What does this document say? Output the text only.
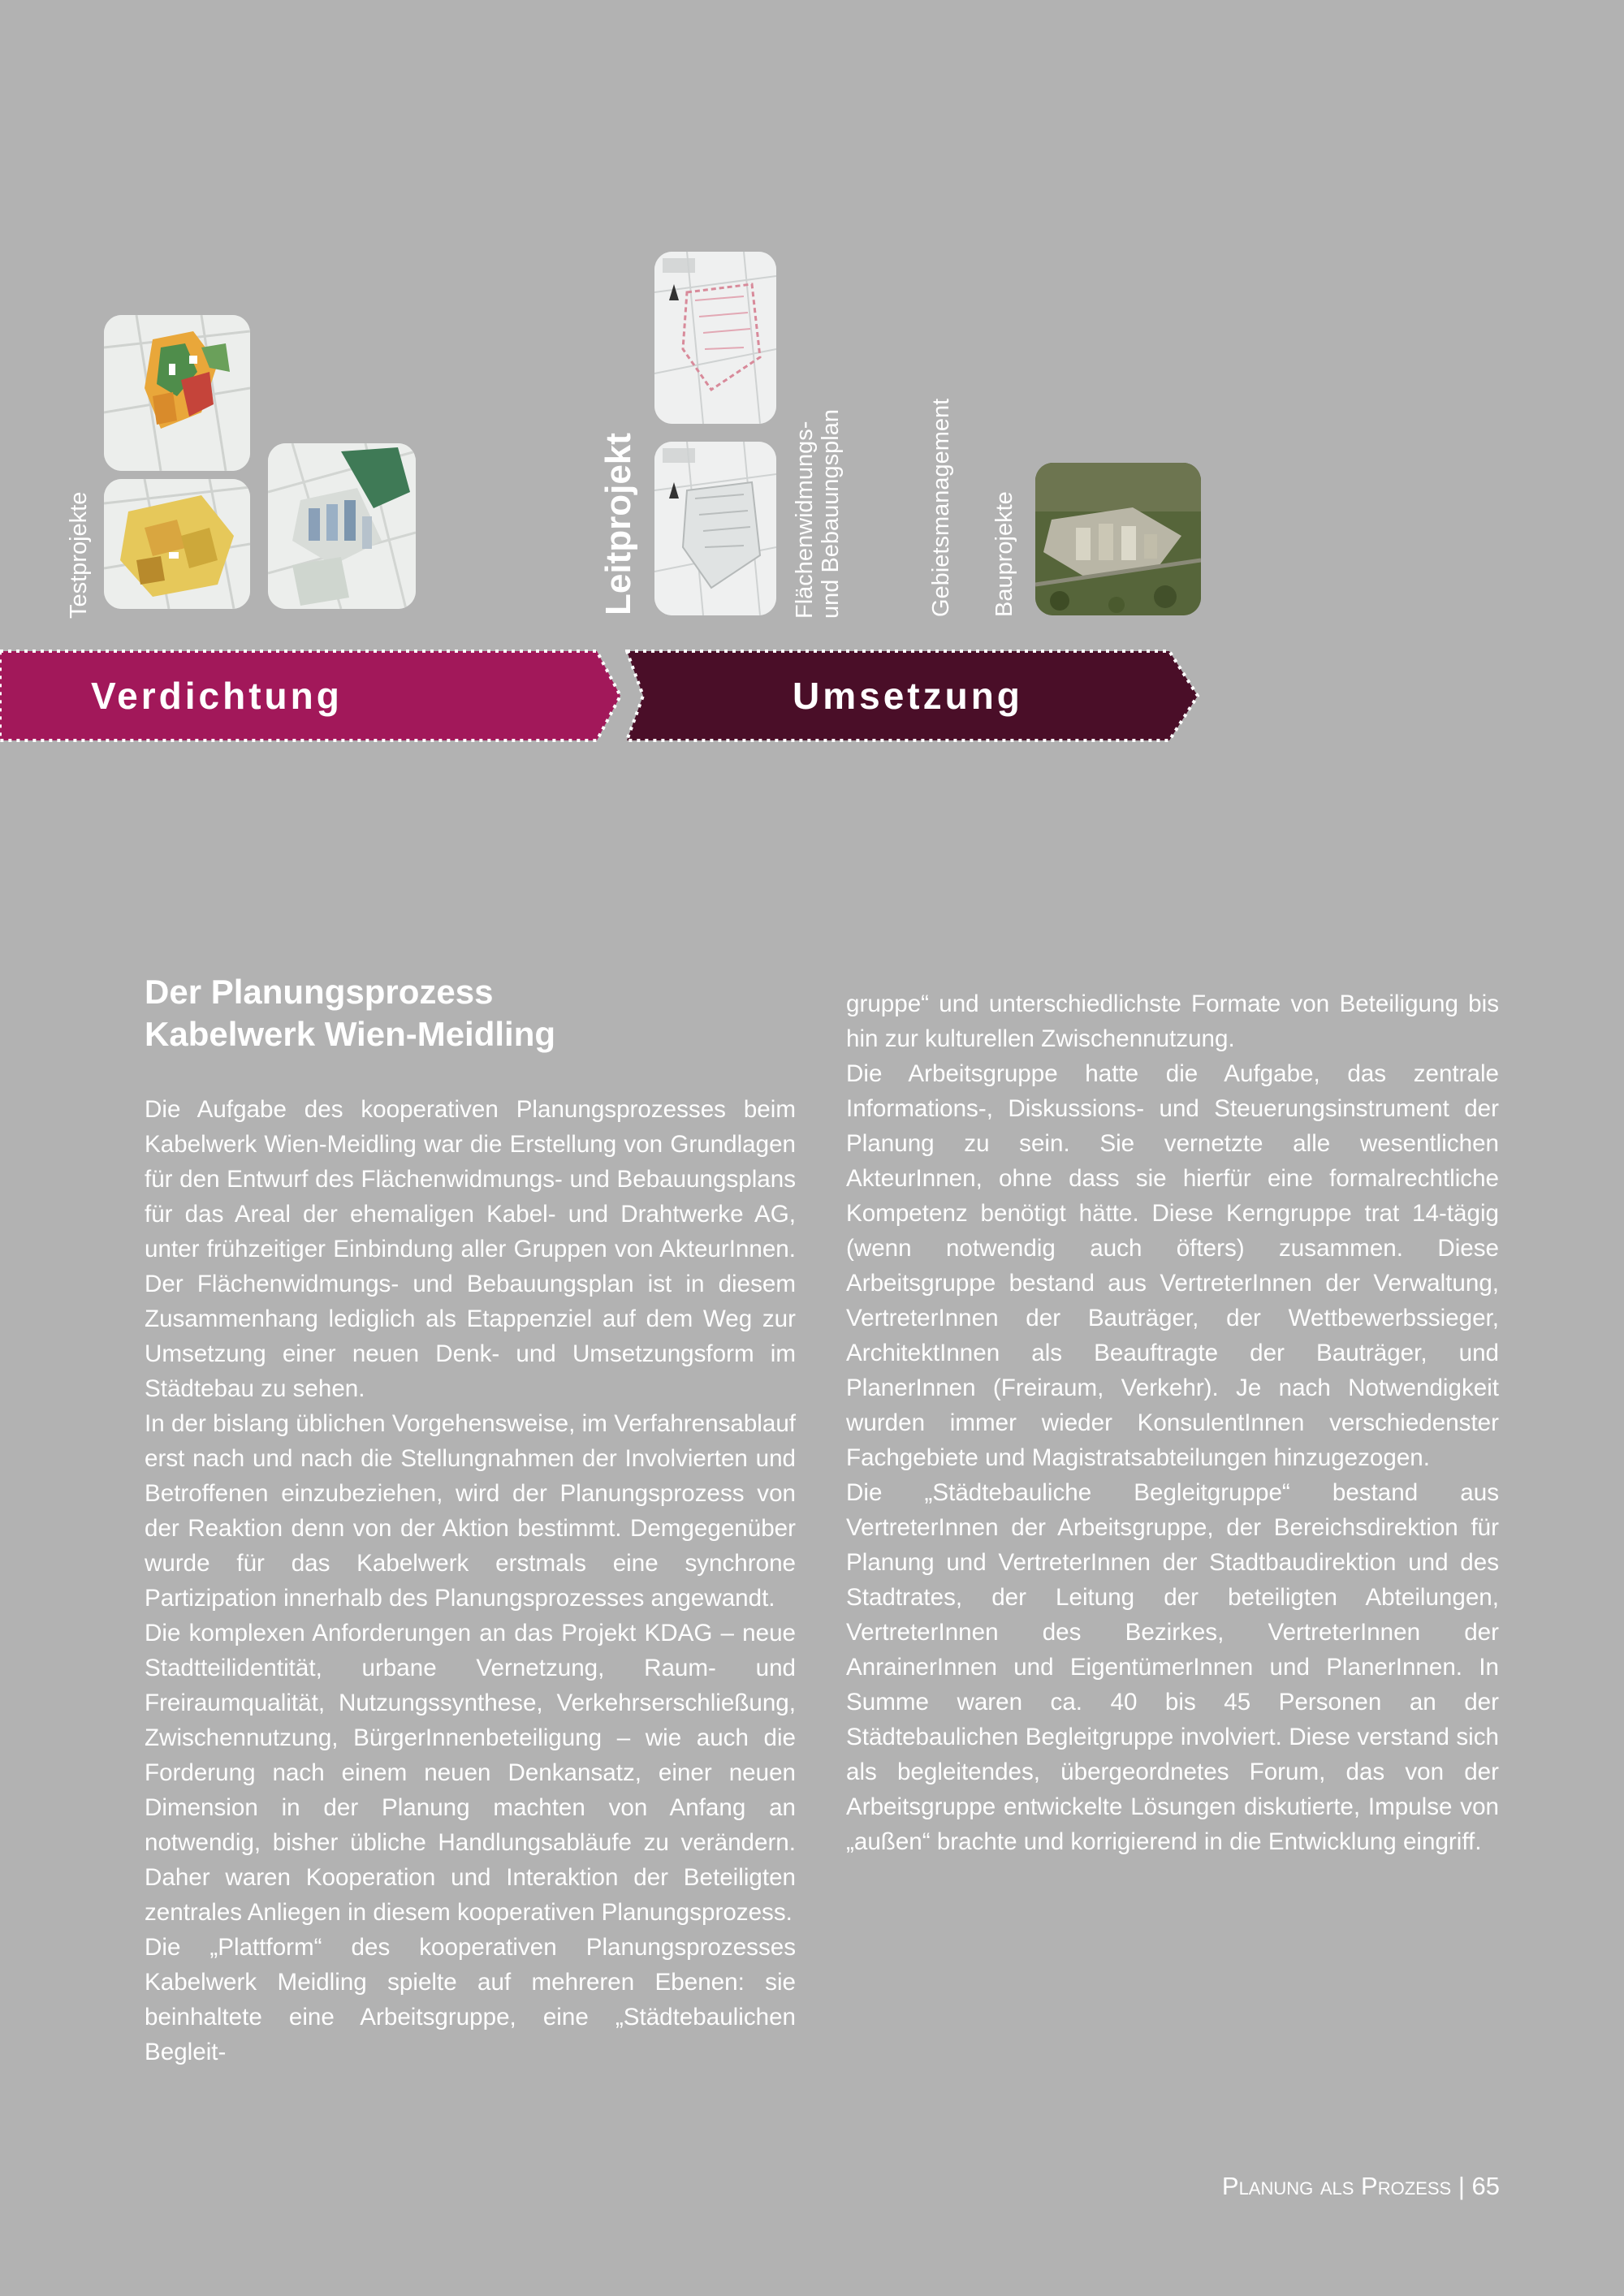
Testprojekte	Leitprojekt	Flächenwidmungs- und Bebauungsplan	Gebietsmanagement Bauprojekte
Verdichtung	Umsetzung
Der Planungsprozess
Kabelwerk Wien-Meidling

Die Aufgabe des kooperativen Planungsprozesses beim Kabelwerk Wien-Meidling war die Erstellung von Grundlagen für den Entwurf des Flächenwidmungs- und Bebauungsplans für das Areal der ehemaligen Kabel- und Drahtwerke AG, unter frühzeitiger Einbindung aller Gruppen von AkteurInnen. Der Flächenwidmungs- und Bebauungsplan ist in diesem Zusammenhang lediglich als Etappenziel auf dem Weg zur Umsetzung einer neuen Denk- und Umsetzungsform im Städtebau zu sehen.

In der bislang üblichen Vorgehensweise, im Verfahrensablauf erst nach und nach die Stellungnahmen der Involvierten und Betroffenen einzubeziehen, wird der Planungsprozess von der Reaktion denn von der Aktion bestimmt. Demgegenüber wurde für das Kabelwerk erstmals eine synchrone Partizipation innerhalb des Planungsprozesses angewandt.

Die komplexen Anforderungen an das Projekt KDAG – neue Stadtteilidentität, urbane Vernetzung, Raum- und Freiraumqualität, Nutzungssynthese, Verkehrserschließung, Zwischennutzung, BürgerInnenbeteiligung – wie auch die Forderung nach einem neuen Denkansatz, einer neuen Dimension in der Planung machten von Anfang an notwendig, bisher übliche Handlungsabläufe zu verändern. Daher waren Kooperation und Interaktion der Beteiligten zentrales Anliegen in diesem kooperativen Planungsprozess.

Die „Plattform“ des kooperativen Planungsprozesses Kabelwerk Meidling spielte auf mehreren Ebenen: sie beinhaltete eine Arbeitsgruppe, eine „Städtebaulichen Begleit-

gruppe“ und unterschiedlichste Formate von Beteiligung bis hin zur kulturellen Zwischennutzung.

Die Arbeitsgruppe hatte die Aufgabe, das zentrale Informations-, Diskussions- und Steuerungsinstrument der Planung zu sein. Sie vernetzte alle wesentlichen AkteurInnen, ohne dass sie hierfür eine formalrechtliche Kompetenz benötigt hätte. Diese Kerngruppe trat 14-tägig (wenn notwendig auch öfters) zusammen. Diese Arbeitsgruppe bestand aus VertreterInnen der Verwaltung, VertreterInnen der Bauträger, der Wettbewerbssieger, ArchitektInnen als Beauftragte der Bauträger, und PlanerInnen (Freiraum, Verkehr). Je nach Notwendigkeit wurden immer wieder KonsulentInnen verschiedenster Fachgebiete und Magistratsabteilungen hinzugezogen.

Die „Städtebauliche Begleitgruppe“ bestand aus VertreterInnen der Arbeitsgruppe, der Bereichsdirektion für Planung und VertreterInnen der Stadtbaudirektion und des Stadtrates, der Leitung der beteiligten Abteilungen, VertreterInnen des Bezirkes, VertreterInnen der AnrainerInnen und EigentümerInnen und PlanerInnen. In Summe waren ca. 40 bis 45 Personen an der Städtebaulichen Begleitgruppe involviert. Diese verstand sich als begleitendes, übergeordnetes Forum, das von der Arbeitsgruppe entwickelte Lösungen diskutierte, Impulse von „außen“ brachte und korrigierend in die Entwicklung eingriff.

Planung als Prozess | 65
